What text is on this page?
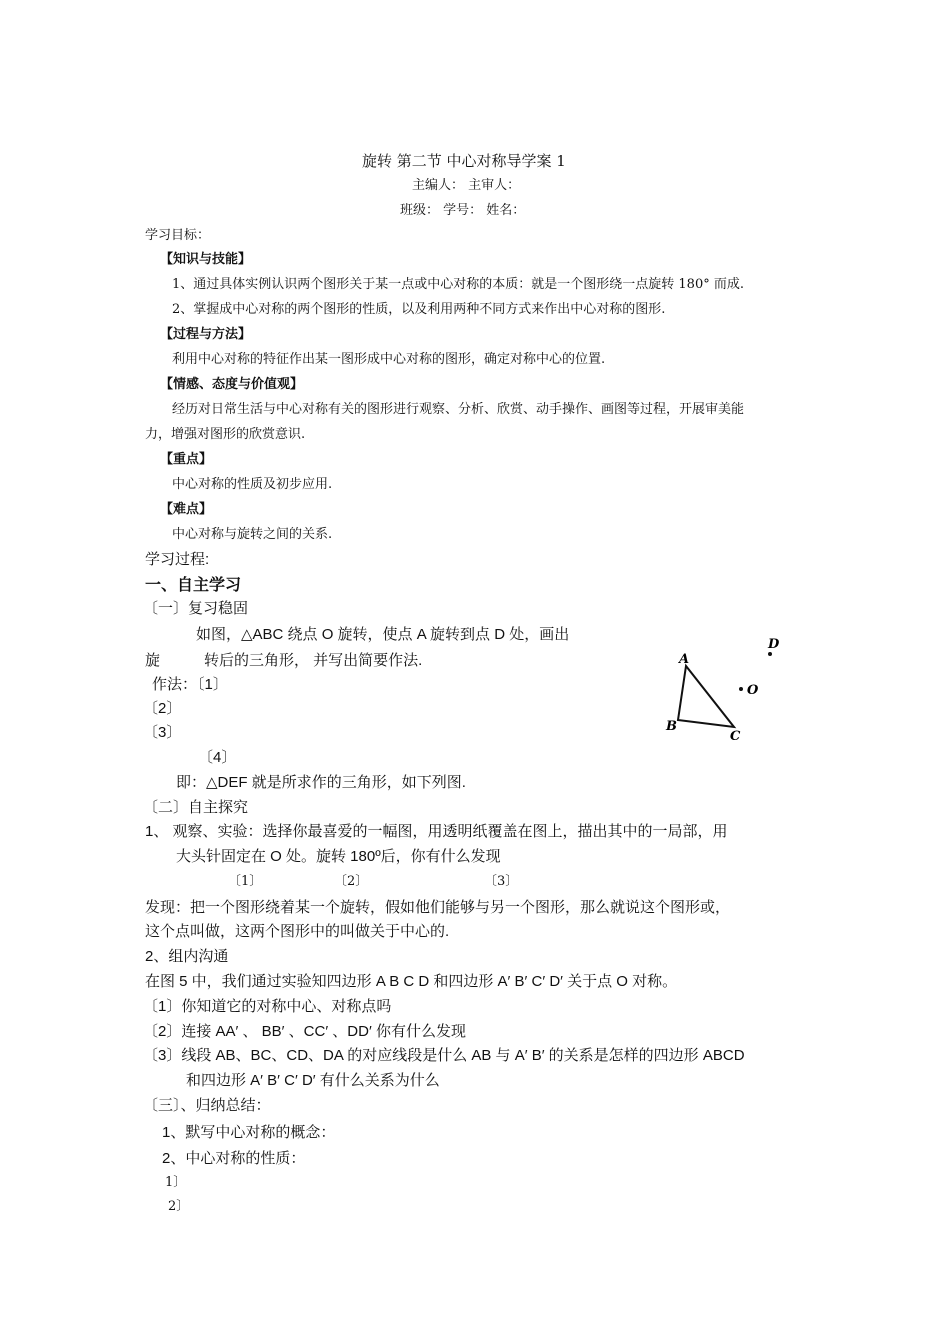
旋转 第二节 中心对称导学案 1
主编人： 主审人：
班级： 学号： 姓名：
学习目标：
【知识与技能】
1、通过具体实例认识两个图形关于某一点或中心对称的本质：就是一个图形绕一点旋转 180° 而成.
2、掌握成中心对称的两个图形的性质，以及利用两种不同方式来作出中心对称的图形.
【过程与方法】
利用中心对称的特征作出某一图形成中心对称的图形，确定对称中心的位置.
【情感、态度与价值观】
经历对日常生活与中心对称有关的图形进行观察、分析、欣赏、动手操作、画图等过程，开展审美能
力，增强对图形的欣赏意识.
【重点】
中心对称的性质及初步应用.
【难点】
中心对称与旋转之间的关系.
学习过程:
一、自主学习
〔一〕复习稳固
如图，△ABC 绕点 O 旋转，使点 A 旋转到点 D 处，画出
旋	转后的三角形， 并写出简要作法.
作法：〔1〕
〔2〕
〔3〕
〔4〕
即：△DEF 就是所求作的三角形，如下列图.
A
B
C
D
O
〔二〕自主探究
1、 观察、实验：选择你最喜爱的一幅图，用透明纸覆盖在图上，描出其中的一局部，用
大头针固定在 O 处。旋转 180º后，你有什么发现
〔1〕	〔2〕	〔3〕
发现：把一个图形绕着某一个旋转，假如他们能够与另一个图形，那么就说这个图形或，
这个点叫做，这两个图形中的叫做关于中心的.
2、组内沟通
在图 5 中，我们通过实验知四边形 A B C D 和四边形 A′ B′ C′ D′ 关于点 O 对称。
〔1〕你知道它的对称中心、对称点吗
〔2〕连接 AA′ 、 BB′ 、CC′ 、DD′ 你有什么发现
〔3〕线段 AB、BC、CD、DA 的对应线段是什么 AB 与 A′ B′ 的关系是怎样的四边形 ABCD
和四边形 A′ B′ C′ D′ 有什么关系为什么
〔三〕、归纳总结：
1、默写中心对称的概念：
2、中心对称的性质：
1〕
2〕
